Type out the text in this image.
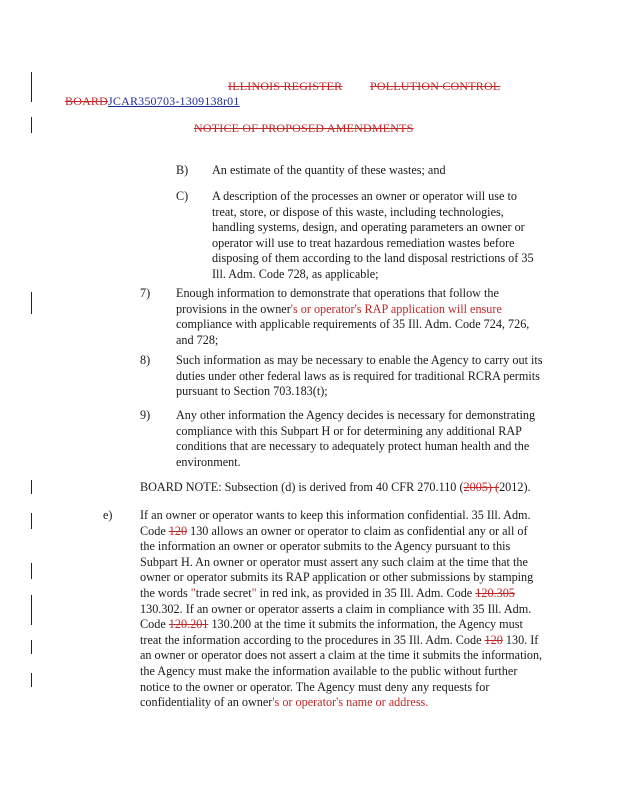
ILLINOIS REGISTER POLLUTION CONTROL
BOARDJCAR350703-1309138r01
NOTICE OF PROPOSED AMENDMENTS
B) An estimate of the quantity of these wastes; and
C) A description of the processes an owner or operator will use to
treat, store, or dispose of this waste, including technologies,
handling systems, design, and operating parameters an owner or
operator will use to treat hazardous remediation wastes before
disposing of them according to the land disposal restrictions of 35
Ill. Adm. Code 728, as applicable;
7) Enough information to demonstrate that operations that follow the
provisions in the owner's or operator's RAP application will ensure
compliance with applicable requirements of 35 Ill. Adm. Code 724, 726,
and 728;
8) Such information as may be necessary to enable the Agency to carry out its
duties under other federal laws as is required for traditional RCRA permits
pursuant to Section 703.183(t);
9) Any other information the Agency decides is necessary for demonstrating
compliance with this Subpart H or for determining any additional RAP
conditions that are necessary to adequately protect human health and the
environment.
BOARD NOTE: Subsection (d) is derived from 40 CFR 270.110 (2005) (2012).
e) If an owner or operator wants to keep this information confidential. 35 Ill. Adm.
Code 120 130 allows an owner or operator to claim as confidential any or all of
the information an owner or operator submits to the Agency pursuant to this
Subpart H. An owner or operator must assert any such claim at the time that the
owner or operator submits its RAP application or other submissions by stamping
the words "trade secret" in red ink, as provided in 35 Ill. Adm. Code 120.305
130.302. If an owner or operator asserts a claim in compliance with 35 Ill. Adm.
Code 120.201 130.200 at the time it submits the information, the Agency must
treat the information according to the procedures in 35 Ill. Adm. Code 120 130. If
an owner or operator does not assert a claim at the time it submits the information,
the Agency must make the information available to the public without further
notice to the owner or operator. The Agency must deny any requests for
confidentiality of an owner's or operator's name or address.
